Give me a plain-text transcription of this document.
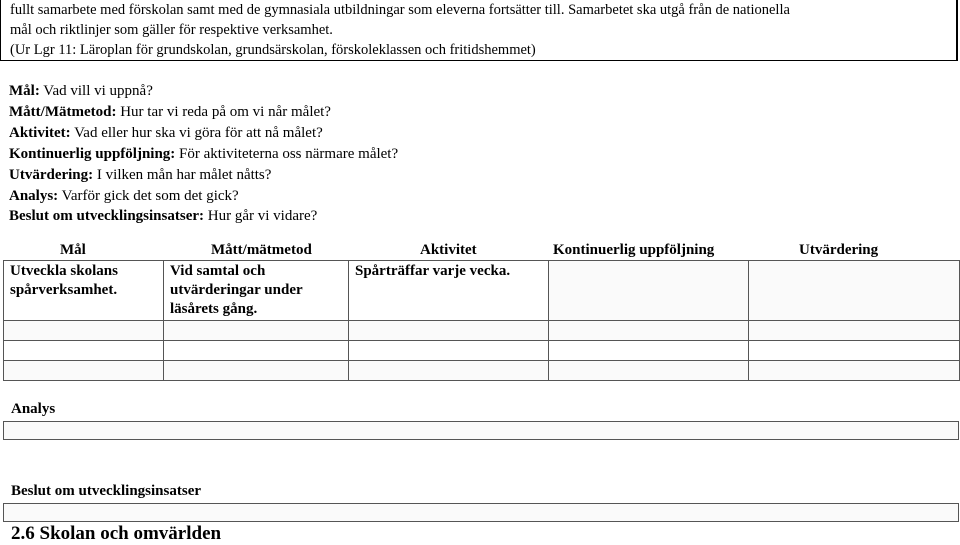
fullt samarbete med förskolan samt med de gymnasiala utbildningar som eleverna fortsätter till. Samarbetet ska utgå från de nationella
mål och riktlinjer som gäller för respektive verksamhet.
(Ur Lgr 11: Läroplan för grundskolan, grundsärskolan, förskoleklassen och fritidshemmet)
Mål: Vad vill vi uppnå?
Mått/Mätmetod: Hur tar vi reda på om vi når målet?
Aktivitet: Vad eller hur ska vi göra för att nå målet?
Kontinuerlig uppföljning: För aktiviteterna oss närmare målet?
Utvärdering: I vilken mån har målet nåtts?
Analys: Varför gick det som det gick?
Beslut om utvecklingsinsatser: Hur går vi vidare?
Mål	Mått/mätmetod	Aktivitet	Kontinuerlig uppföljning	Utvärdering
Utveckla skolans spårverksamhet.	Vid samtal och utvärderingar under läsårets gång.	Spårträffar varje vecka.		

Analys
Beslut om utvecklingsinsatser
2.6 Skolan och omvärlden
